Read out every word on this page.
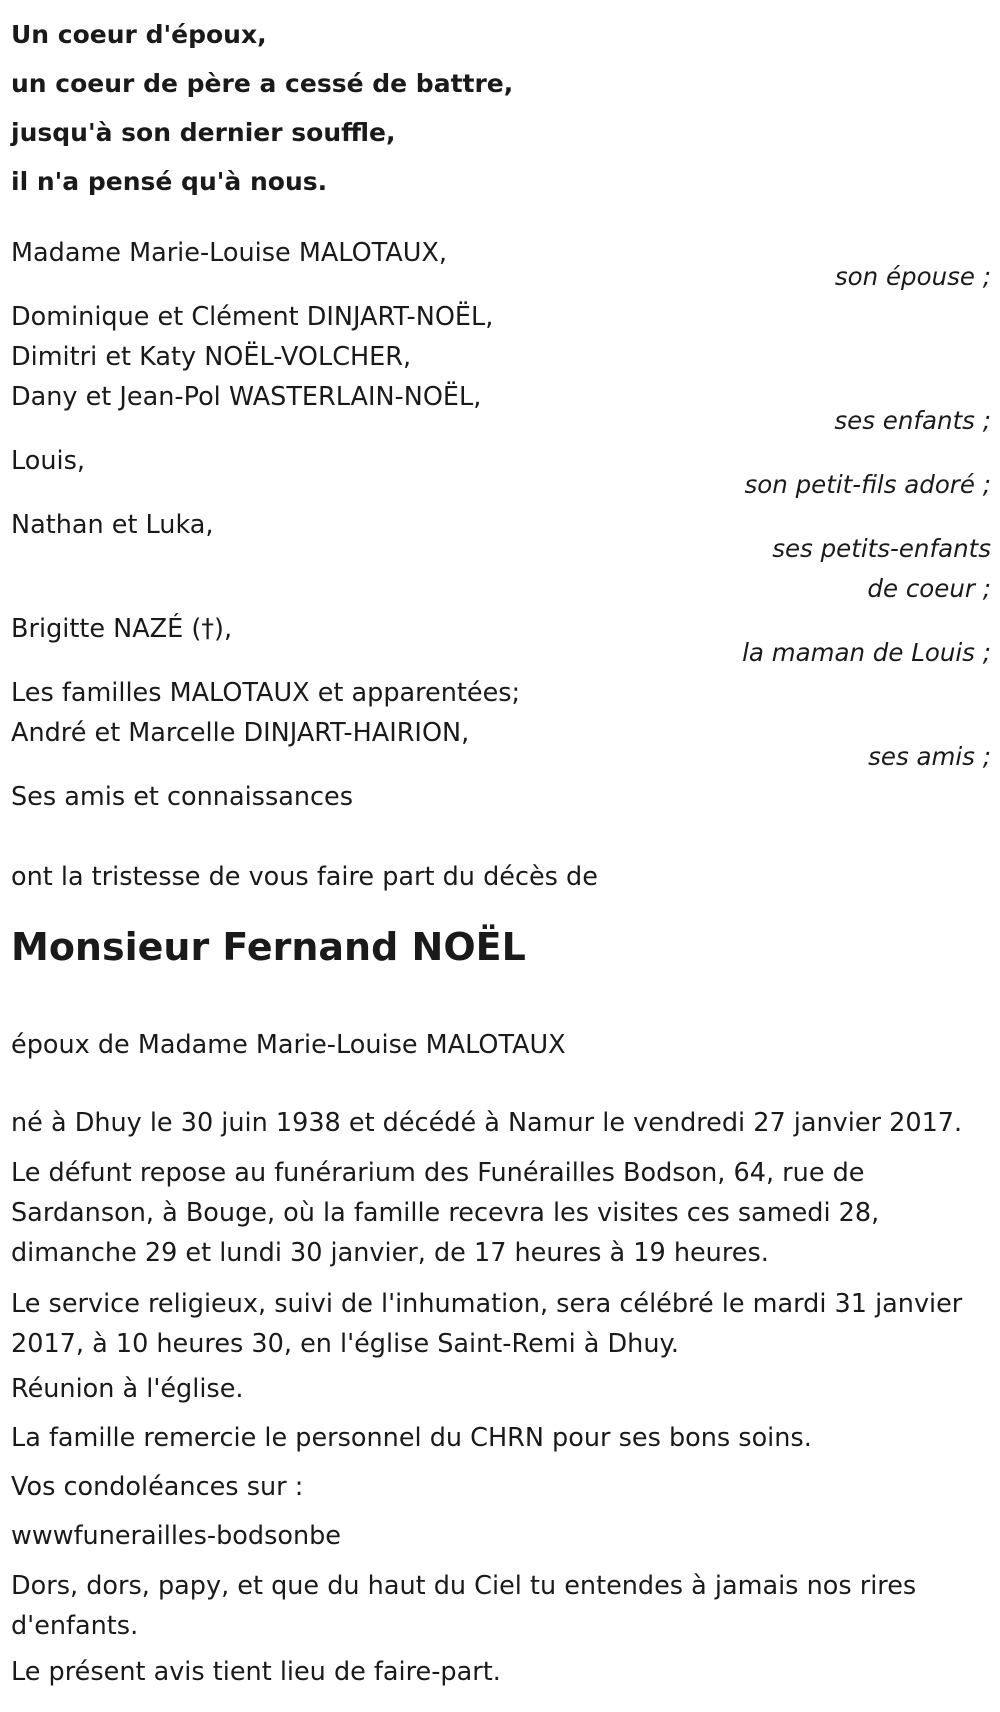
Un coeur d'époux,
un coeur de père a cessé de battre,
jusqu'à son dernier souffle,
il n'a pensé qu'à nous.
Madame Marie-Louise MALOTAUX,
son épouse ;
Dominique et Clément DINJART-NOËL,
Dimitri et Katy NOËL-VOLCHER,
Dany et Jean-Pol WASTERLAIN-NOËL,
ses enfants ;
Louis,
son petit-fils adoré ;
Nathan et Luka,
ses petits-enfants
de coeur ;
Brigitte NAZÉ (†),
la maman de Louis ;
Les familles MALOTAUX et apparentées;
André et Marcelle DINJART-HAIRION,
ses amis ;
Ses amis et connaissances
ont la tristesse de vous faire part du décès de
Monsieur Fernand NOËL
époux de Madame Marie-Louise MALOTAUX
né à Dhuy le 30 juin 1938 et décédé à Namur le vendredi 27 janvier 2017.
Le défunt repose au funérarium des Funérailles Bodson, 64, rue de
Sardanson, à Bouge, où la famille recevra les visites ces samedi 28,
dimanche 29 et lundi 30 janvier, de 17 heures à 19 heures.
Le service religieux, suivi de l'inhumation, sera célébré le mardi 31 janvier
2017, à 10 heures 30, en l'église Saint-Remi à Dhuy.
Réunion à l'église.
La famille remercie le personnel du CHRN pour ses bons soins.
Vos condoléances sur :
wwwfunerailles-bodsonbe
Dors, dors, papy, et que du haut du Ciel tu entendes à jamais nos rires
d'enfants.
Le présent avis tient lieu de faire-part.
